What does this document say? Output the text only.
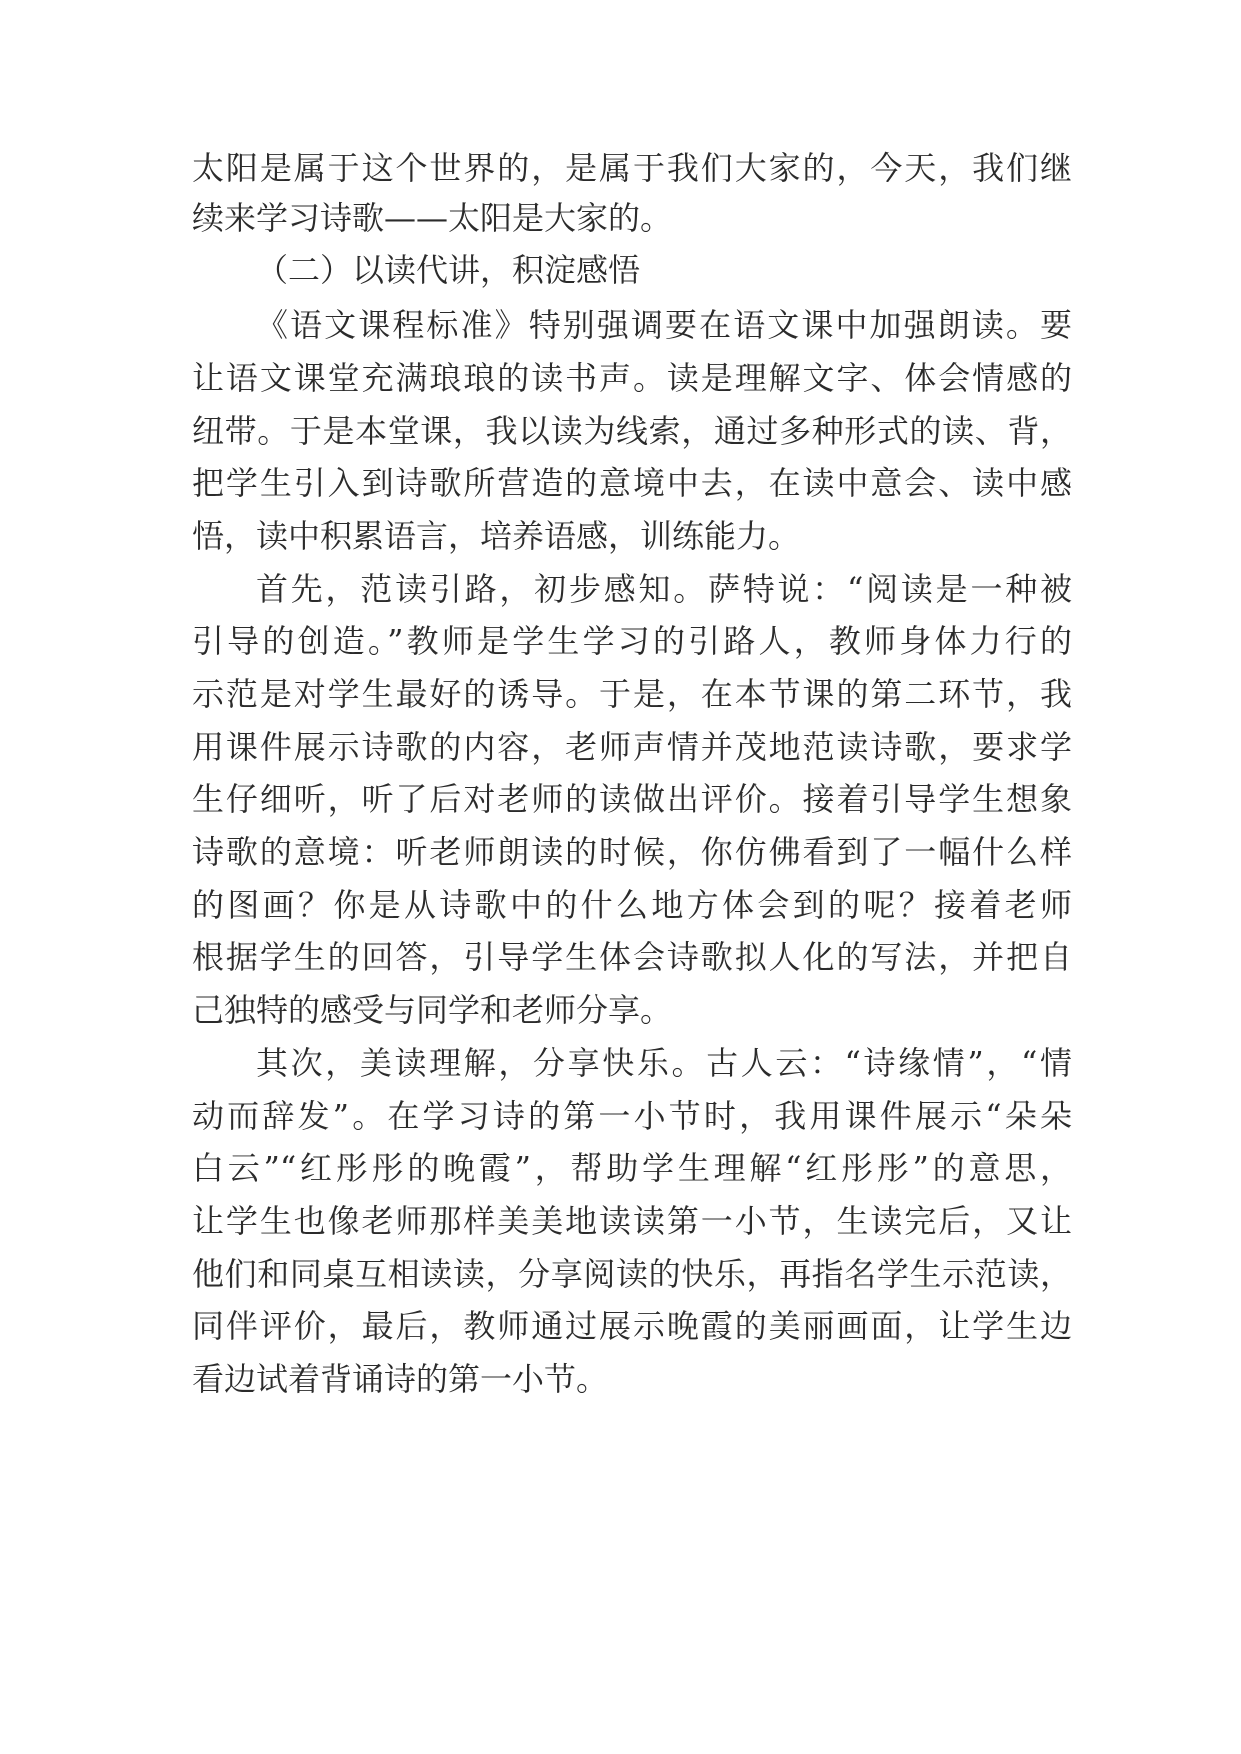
太阳是属于这个世界的，是属于我们大家的，今天，我们继
续来学习诗歌——太阳是大家的。
（二）以读代讲，积淀感悟
《语文课程标准》特别强调要在语文课中加强朗读。要
让语文课堂充满琅琅的读书声。读是理解文字、体会情感的
纽带。于是本堂课，我以读为线索，通过多种形式的读、背，
把学生引入到诗歌所营造的意境中去，在读中意会、读中感
悟，读中积累语言，培养语感，训练能力。
首先，范读引路，初步感知。萨特说：“阅读是一种被
引导的创造。”教师是学生学习的引路人，教师身体力行的
示范是对学生最好的诱导。于是，在本节课的第二环节，我
用课件展示诗歌的内容，老师声情并茂地范读诗歌，要求学
生仔细听，听了后对老师的读做出评价。接着引导学生想象
诗歌的意境：听老师朗读的时候，你仿佛看到了一幅什么样
的图画？你是从诗歌中的什么地方体会到的呢？接着老师
根据学生的回答，引导学生体会诗歌拟人化的写法，并把自
己独特的感受与同学和老师分享。
其次，美读理解，分享快乐。古人云：“诗缘情”，“情
动而辞发”。在学习诗的第一小节时，我用课件展示“朵朵
白云”“红彤彤的晚霞”，帮助学生理解“红彤彤”的意思，
让学生也像老师那样美美地读读第一小节，生读完后，又让
他们和同桌互相读读，分享阅读的快乐，再指名学生示范读，
同伴评价，最后，教师通过展示晚霞的美丽画面，让学生边
看边试着背诵诗的第一小节。
